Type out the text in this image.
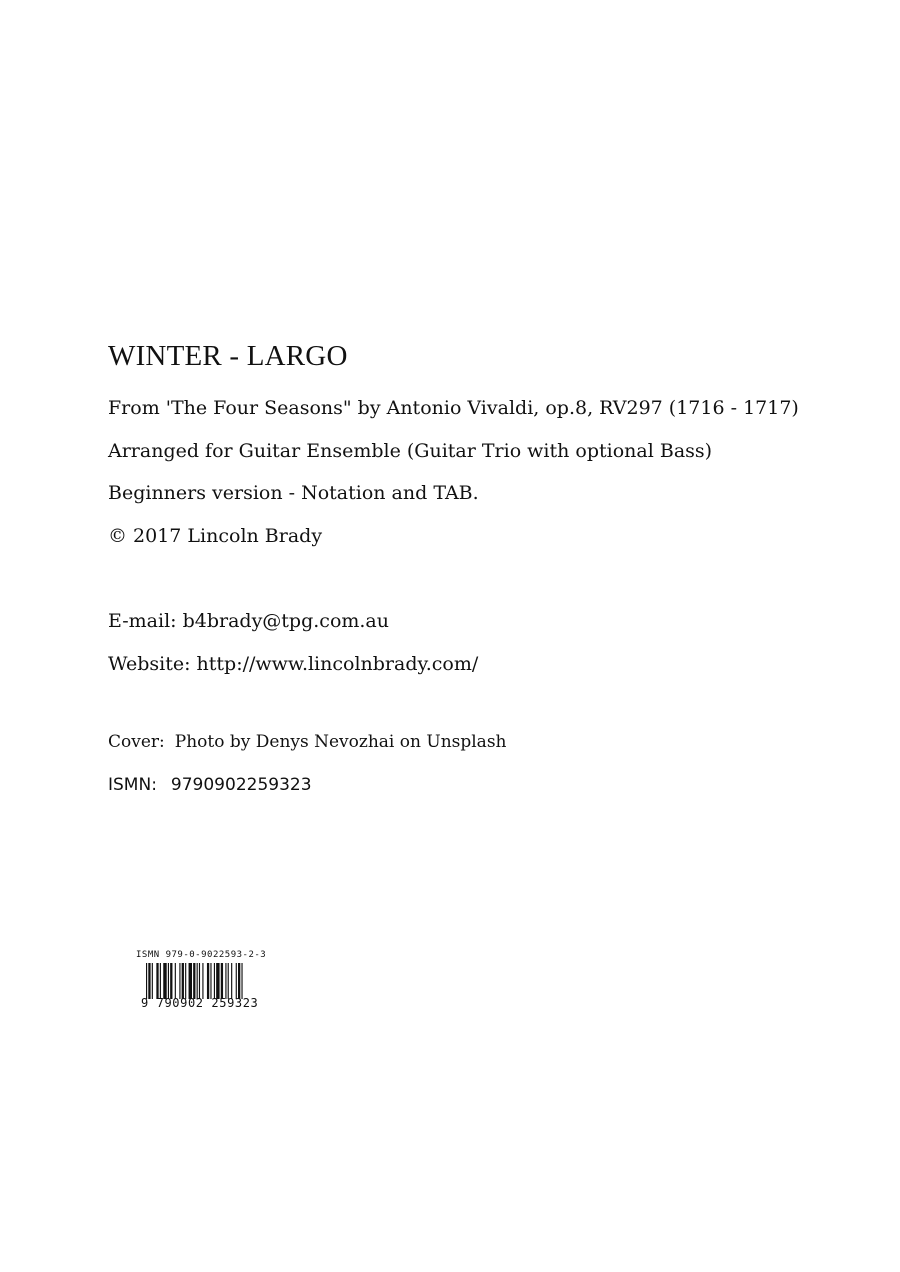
WINTER - LARGO
From 'The Four Seasons" by Antonio Vivaldi, op.8, RV297 (1716 - 1717)
Arranged for Guitar Ensemble (Guitar Trio with optional Bass)
Beginners version - Notation and TAB.
© 2017 Lincoln Brady
E-mail: b4brady@tpg.com.au
Website: http://www.lincolnbrady.com/
Cover: Photo by Denys Nevozhai on Unsplash
ISMN: 9790902259323
ISMN 979-0-9022593-2-3
9 790902 259323
